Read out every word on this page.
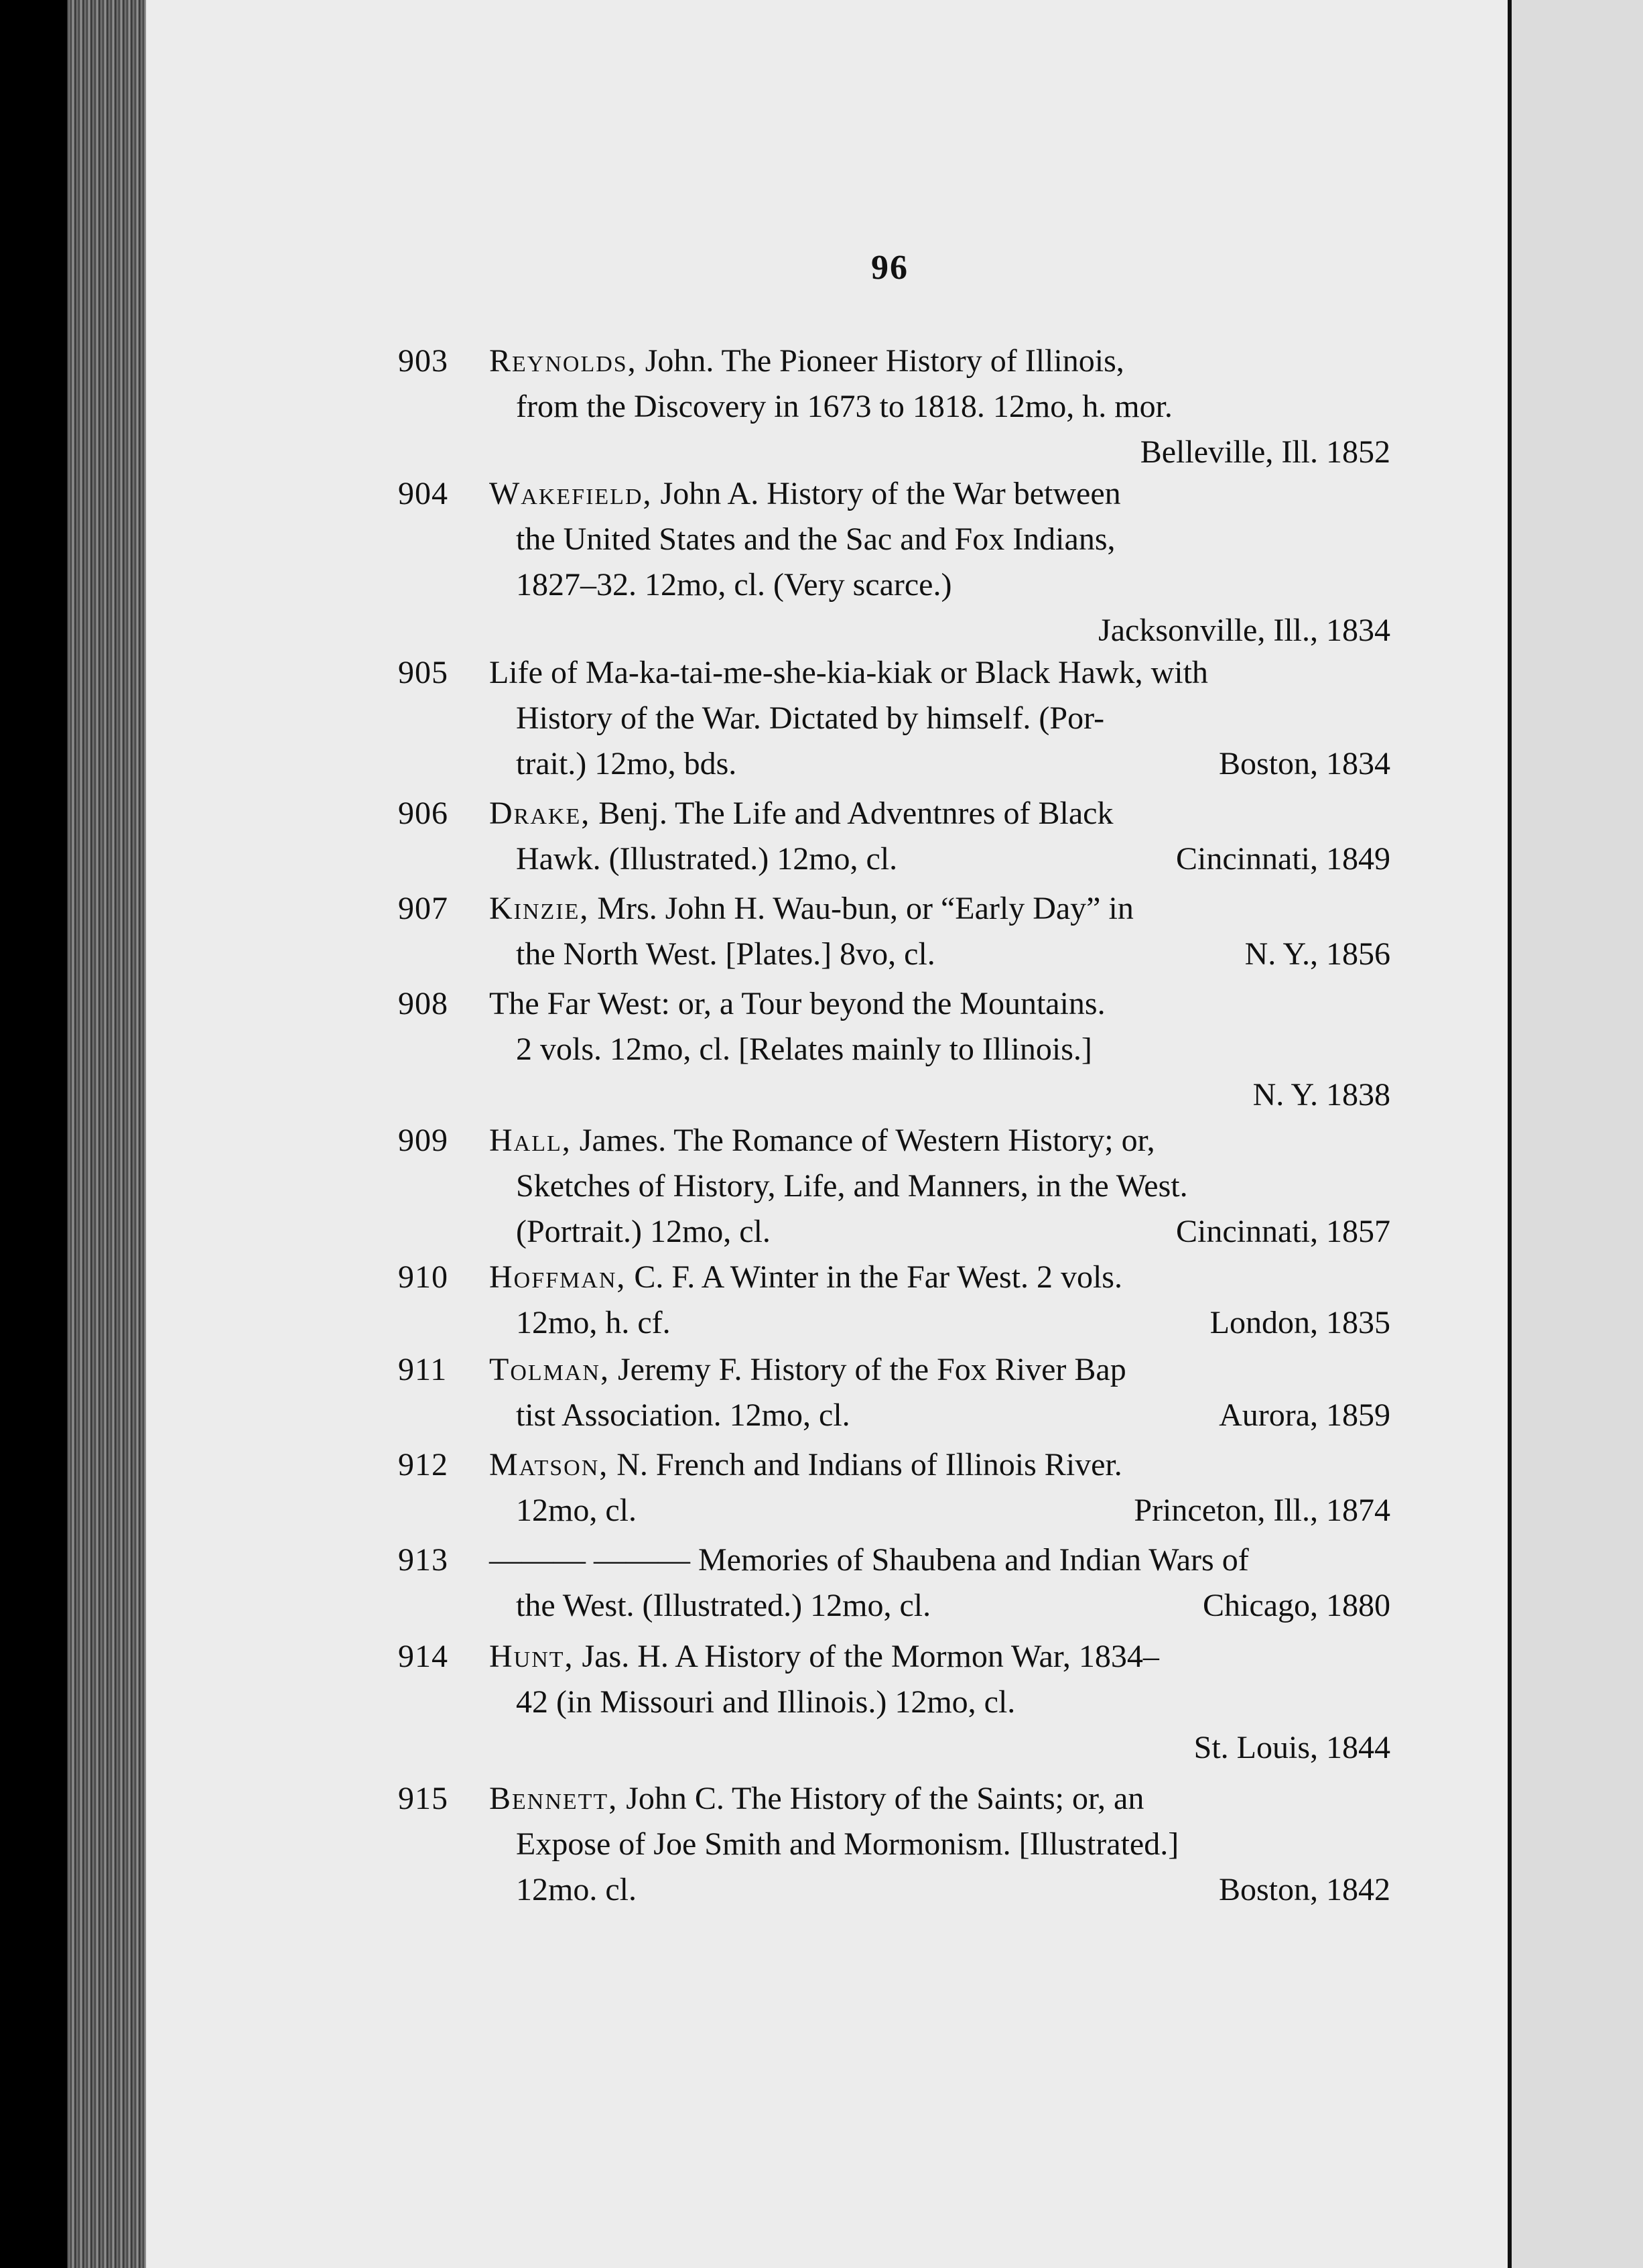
96
903 Reynolds, John. The Pioneer History of Illinois,
from the Discovery in 1673 to 1818. 12mo, h. mor.
Belleville, Ill. 1852
904 Wakefield, John A. History of the War between
the United States and the Sac and Fox Indians,
1827–32. 12mo, cl. (Very scarce.)
Jacksonville, Ill., 1834
905 Life of Ma-ka-tai-me-she-kia-kiak or Black Hawk, with
History of the War. Dictated by himself. (Por-
trait.) 12mo, bds.	Boston, 1834
906 Drake, Benj. The Life and Adventnres of Black
Hawk. (Illustrated.) 12mo, cl.	Cincinnati, 1849
907 Kinzie, Mrs. John H. Wau-bun, or “Early Day” in
the North West. [Plates.] 8vo, cl.	N. Y., 1856
908 The Far West: or, a Tour beyond the Mountains.
2 vols. 12mo, cl. [Relates mainly to Illinois.]
N. Y. 1838
909 Hall, James. The Romance of Western History; or,
Sketches of History, Life, and Manners, in the West.
(Portrait.) 12mo, cl.	Cincinnati, 1857
910 Hoffman, C. F. A Winter in the Far West. 2 vols.
12mo, h. cf.	London, 1835
911 Tolman, Jeremy F. History of the Fox River Bap
tist Association. 12mo, cl.	Aurora, 1859
912 Matson, N. French and Indians of Illinois River.
12mo, cl.	Princeton, Ill., 1874
913 ——— ——— Memories of Shaubena and Indian Wars of
the West. (Illustrated.) 12mo, cl.	Chicago, 1880
914 Hunt, Jas. H. A History of the Mormon War, 1834–
42 (in Missouri and Illinois.) 12mo, cl.
St. Louis, 1844
915 Bennett, John C. The History of the Saints; or, an
Expose of Joe Smith and Mormonism. [Illustrated.]
12mo. cl.	Boston, 1842
